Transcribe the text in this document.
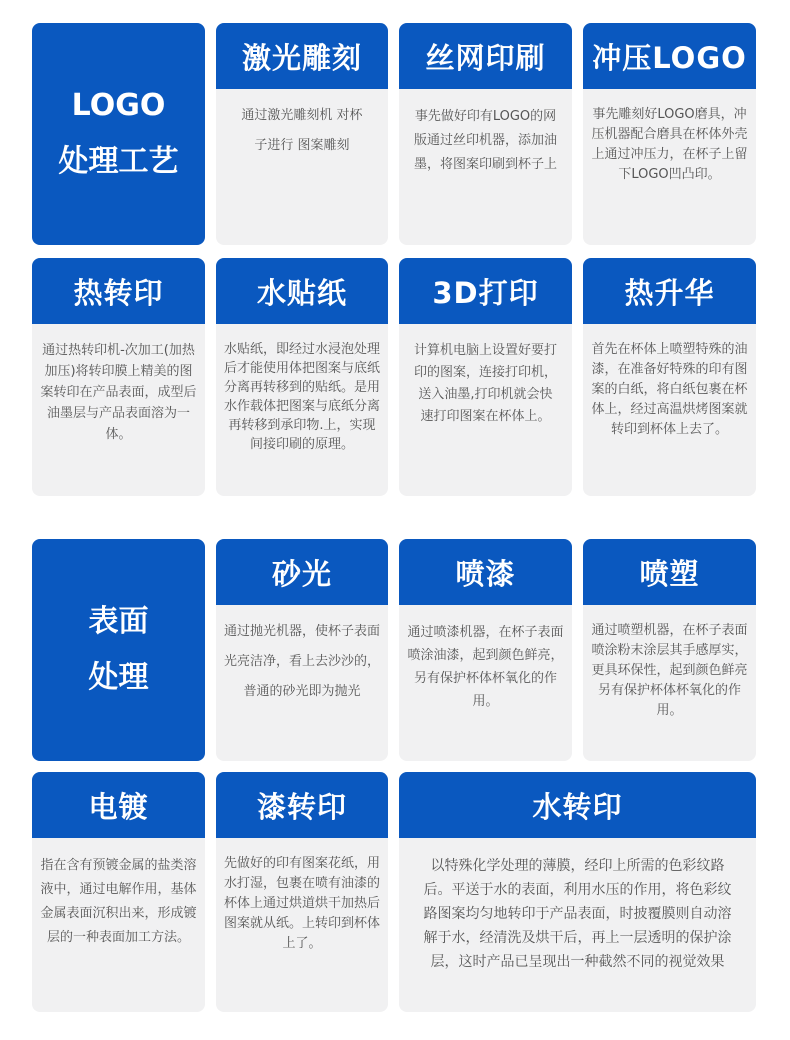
LOGO
处理工艺
激光雕刻
通过激光雕刻机 对杯子进行 图案雕刻
丝网印刷
事先做好印有LOGO的网版通过丝印机器，添加油墨，将图案印刷到杯子上
冲压LOGO
事先雕刻好LOGO磨具，冲压机器配合磨具在杯体外壳上通过冲压力，在杯子上留下LOGO凹凸印。
热转印
通过热转印机-次加工(加热加压)将转印膜上精美的图案转印在产品表面，成型后油墨层与产品表面溶为一体。
水贴纸
水贴纸，即经过水浸泡处理后才能使用体把图案与底纸分离再转移到的贴纸。是用水作载体把图案与底纸分离再转移到承印物.上，实现间接印刷的原理。
3D打印
计算机电脑上设置好要打印的图案，连接打印机，送入油墨,打印机就会快速打印图案在杯体上。
热升华
首先在杯体上喷塑特殊的油漆，在准备好特殊的印有图案的白纸，将白纸包裹在杯体上，经过高温烘烤图案就转印到杯体上去了。
表面
处理
砂光
通过抛光机器，使杯子表面光亮洁净，看上去沙沙的，普通的砂光即为抛光
喷漆
通过喷漆机器，在杯子表面喷涂油漆，起到颜色鲜亮，另有保护杯体杯氧化的作用。
喷塑
通过喷塑机器，在杯子表面喷涂粉末涂层其手感厚实，更具环保性，起到颜色鲜亮另有保护杯体杯氧化的作用。
电镀
指在含有预镀金属的盐类溶液中，通过电解作用，基体金属表面沉积出来，形成镀层的一种表面加工方法。
漆转印
先做好的印有图案花纸，用水打湿，包裹在喷有油漆的杯体上通过烘道烘干加热后图案就从纸。上转印到杯体上了。
水转印
以特殊化学处理的薄膜，经印上所需的色彩纹路后。平送于水的表面，利用水压的作用，将色彩纹路图案均匀地转印于产品表面，时披覆膜则自动溶解于水，经清洗及烘干后，再上一层透明的保护涂层，这时产品已呈现出一种截然不同的视觉效果
